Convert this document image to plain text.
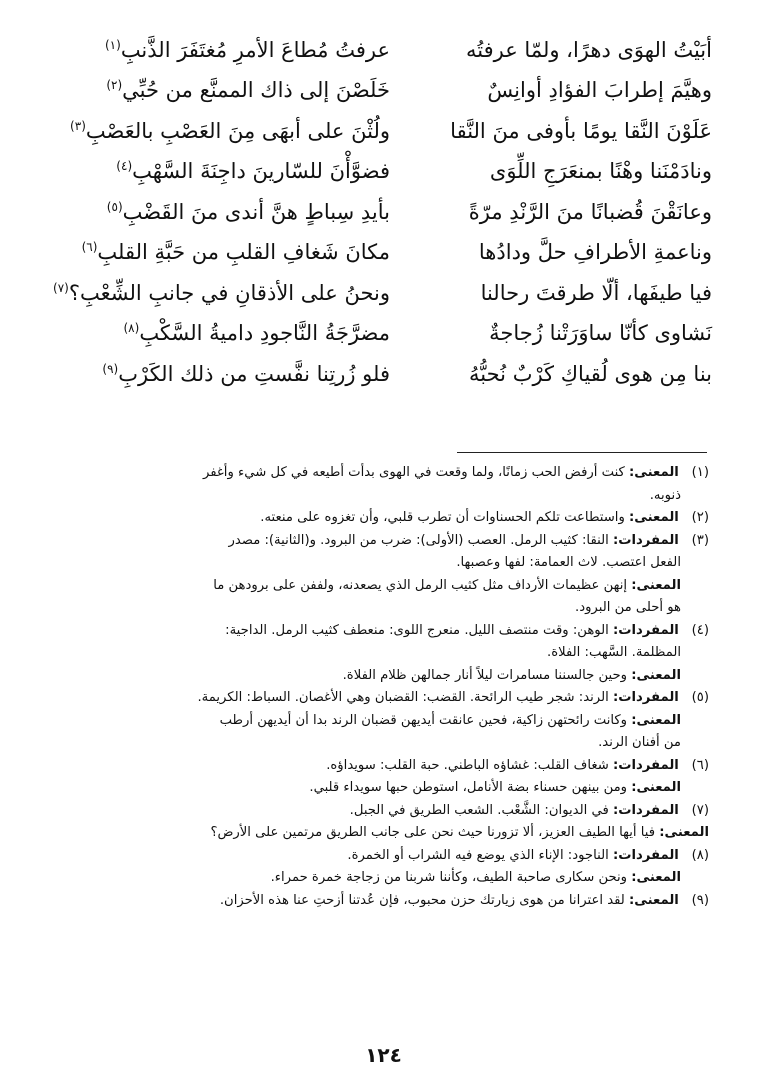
أبَيْتُ الهوَى دهرًا، ولمّا عرفتُه
عرفتُ مُطاعَ الأمرِ مُغتَفَرَ الذَّنبِ$^{(١)}$
وهيَّمَ إطرابَ الفؤادِ أوانِسٌ
خَلَصْنَ إلى ذاك الممنَّع من حُبِّي$^{(٢)}$
عَلَوْنَ النَّقا يومًا بأوفى منَ النَّقا
ولُثْنَ على أبهَى مِنَ العَصْبِ بالعَصْبِ$^{(٣)}$
ونادَمْنَنا وهْنًا بمنعَرَجِ اللِّوَى
فضوَّأْنَ للسّارينَ داجِنَةَ السَّهْبِ$^{(٤)}$
وعانَقْنَ قُضبانًا منَ الرَّنْدِ مرّةً
بأيدِ سِباطٍ هنَّ أندى منَ القَضْبِ$^{(٥)}$
وناعمةِ الأطرافِ حلَّ ودادُها
مكانَ شَغافِ القلبِ من حَبَّةِ القلبِ$^{(٦)}$
فيا طيفَها، ألّا طرقتَ رحالنا
ونحنُ على الأذقانِ في جانبِ الشِّعْبِ؟$^{(٧)}$
نَشاوى كأنّا ساوَرَتْنا زُجاجةٌ
مضرَّجَةُ النَّاجودِ داميةُ السَّكْبِ$^{(٨)}$
بنا مِن هوى لُقياكِ كَرْبٌ نُحبُّهُ
فلو زُرتِنا نفَّستِ من ذلك الكَرْبِ$^{(٩)}$
(١) المعنى: كنت أرفض الحب زمانًا، ولما وقعت في الهوى بدأت أطيعه في كل شيء وأغفر
ذنوبه.
(٢) المعنى: واستطاعت تلكم الحسناوات أن تطرب قلبي، وأن تغزوه على منعته.
(٣) المفردات: النقا: كثيب الرمل. العصب (الأولى): ضرب من البرود. و(الثانية): مصدر
الفعل اعتصب. لاث العمامة: لفها وعصبها.
المعنى: إنهن عظيمات الأرداف مثل كثيب الرمل الذي يصعدنه، ولففن على برودهن ما
هو أحلى من البرود.
(٤) المفردات: الوهن: وقت منتصف الليل. منعرج اللوى: منعطف كثيب الرمل. الداجية:
المظلمة. السَّهب: الفلاة.
المعنى: وحين جالسننا مسامرات ليلاً أنار جمالهن ظلام الفلاة.
(٥) المفردات: الرند: شجر طيب الرائحة. القضب: القضبان وهي الأغصان. السباط: الكريمة.
المعنى: وكانت رائحتهن زاكية، فحين عانقت أيديهن قضبان الرند بدا أن أيديهن أرطب
من أفنان الرند.
(٦) المفردات: شغاف القلب: غشاؤه الباطني. حبة القلب: سويداؤه.
المعنى: ومن بينهن حسناء بضة الأنامل، استوطن حبها سويداء قلبي.
(٧) المفردات: في الديوان: الشَّعْب. الشعب الطريق في الجبل.
المعنى: فيا أيها الطيف العزيز، ألا تزورنا حيث نحن على جانب الطريق مرتمين على الأرض؟
(٨) المفردات: الناجود: الإناء الذي يوضع فيه الشراب أو الخمرة.
المعنى: ونحن سكارى صاحبة الطيف، وكأننا شربنا من زجاجة خمرة حمراء.
(٩) المعنى: لقد اعترانا من هوى زيارتك حزن محبوب، فإن عُدتنا أزحتِ عنا هذه الأحزان.
١٢٤
